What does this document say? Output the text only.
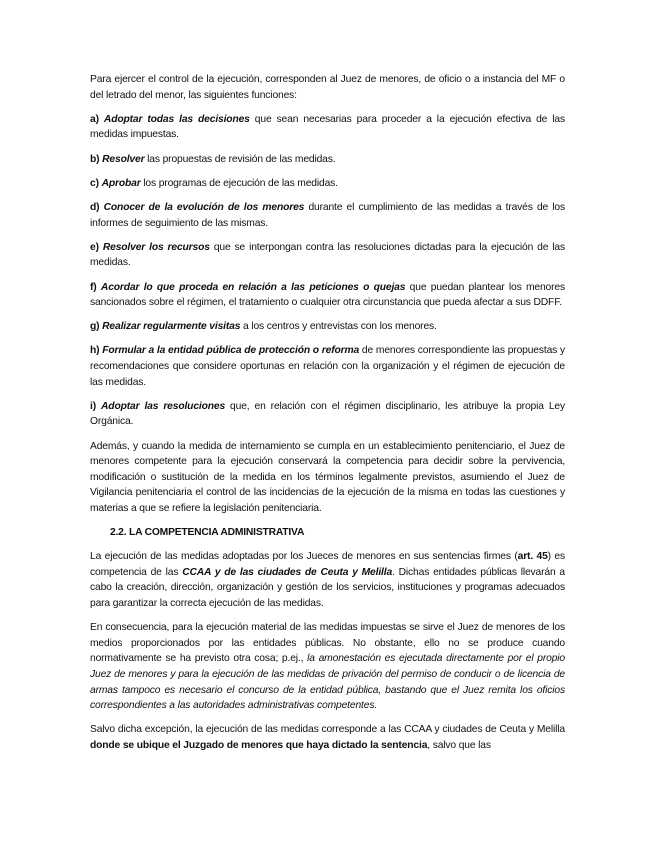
Para ejercer el control de la ejecución, corresponden al Juez de menores, de oficio o a instancia del MF o del letrado del menor, las siguientes funciones:

a) Adoptar todas las decisiones que sean necesarias para proceder a la ejecución efectiva de las medidas impuestas.

b) Resolver las propuestas de revisión de las medidas.

c) Aprobar los programas de ejecución de las medidas.

d) Conocer de la evolución de los menores durante el cumplimiento de las medidas a través de los informes de seguimiento de las mismas.

e) Resolver los recursos que se interpongan contra las resoluciones dictadas para la ejecución de las medidas.

f) Acordar lo que proceda en relación a las peticiones o quejas que puedan plantear los menores sancionados sobre el régimen, el tratamiento o cualquier otra circunstancia que pueda afectar a sus DDFF.

g) Realizar regularmente visitas a los centros y entrevistas con los menores.

h) Formular a la entidad pública de protección o reforma de menores correspondiente las propuestas y recomendaciones que considere oportunas en relación con la organización y el régimen de ejecución de las medidas.

i) Adoptar las resoluciones que, en relación con el régimen disciplinario, les atribuye la propia Ley Orgánica.

Además, y cuando la medida de internamiento se cumpla en un establecimiento penitenciario, el Juez de menores competente para la ejecución conservará la competencia para decidir sobre la pervivencia, modificación o sustitución de la medida en los términos legalmente previstos, asumiendo el Juez de Vigilancia penitenciaria el control de las incidencias de la ejecución de la misma en todas las cuestiones y materias a que se refiere la legislación penitenciaria.

2.2. LA COMPETENCIA ADMINISTRATIVA

La ejecución de las medidas adoptadas por los Jueces de menores en sus sentencias firmes (art. 45) es competencia de las CCAA y de las ciudades de Ceuta y Melilla. Dichas entidades públicas llevarán a cabo la creación, dirección, organización y gestión de los servicios, instituciones y programas adecuados para garantizar la correcta ejecución de las medidas.

En consecuencia, para la ejecución material de las medidas impuestas se sirve el Juez de menores de los medios proporcionados por las entidades públicas. No obstante, ello no se produce cuando normativamente se ha previsto otra cosa; p.ej., la amonestación es ejecutada directamente por el propio Juez de menores y para la ejecución de las medidas de privación del permiso de conducir o de licencia de armas tampoco es necesario el concurso de la entidad pública, bastando que el Juez remita los oficios correspondientes a las autoridades administrativas competentes.

Salvo dicha excepción, la ejecución de las medidas corresponde a las CCAA y ciudades de Ceuta y Melilla donde se ubique el Juzgado de menores que haya dictado la sentencia, salvo que las
